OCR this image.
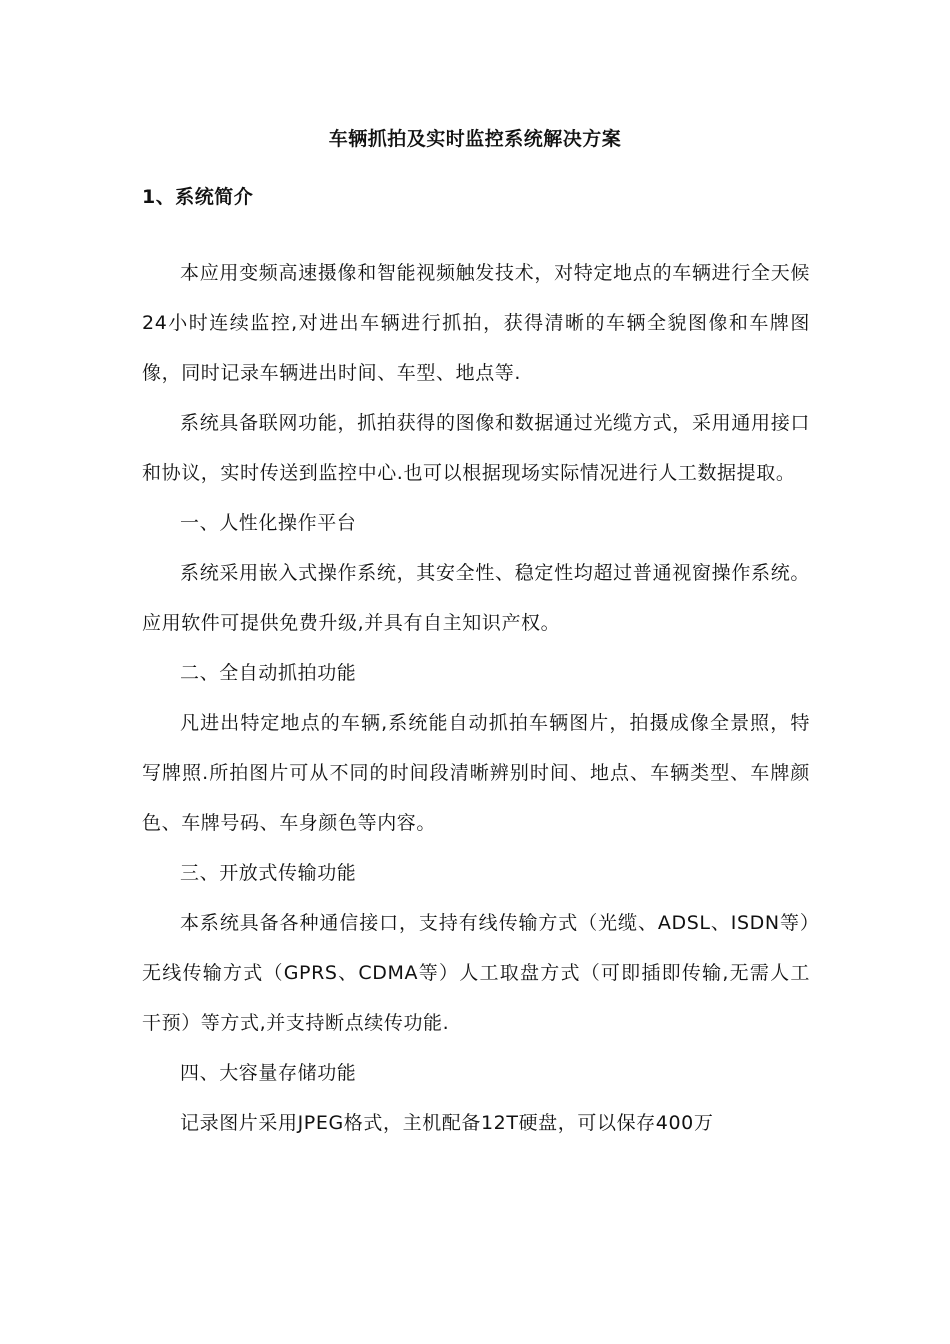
车辆抓拍及实时监控系统解决方案
1、系统简介

本应用变频高速摄像和智能视频触发技术，对特定地点的车辆进行全天候24小时连续监控,对进出车辆进行抓拍，获得清晰的车辆全貌图像和车牌图像，同时记录车辆进出时间、车型、地点等.

系统具备联网功能，抓拍获得的图像和数据通过光缆方式，采用通用接口和协议，实时传送到监控中心.也可以根据现场实际情况进行人工数据提取。

一、人性化操作平台

系统采用嵌入式操作系统，其安全性、稳定性均超过普通视窗操作系统。应用软件可提供免费升级,并具有自主知识产权。

二、全自动抓拍功能

凡进出特定地点的车辆,系统能自动抓拍车辆图片，拍摄成像全景照，特写牌照.所拍图片可从不同的时间段清晰辨别时间、地点、车辆类型、车牌颜色、车牌号码、车身颜色等内容。

三、开放式传输功能

本系统具备各种通信接口，支持有线传输方式（光缆、ADSL、ISDN等）无线传输方式（GPRS、CDMA等）人工取盘方式（可即插即传输,无需人工干预）等方式,并支持断点续传功能.

四、大容量存储功能

记录图片采用JPEG格式，主机配备12T硬盘，可以保存400万
